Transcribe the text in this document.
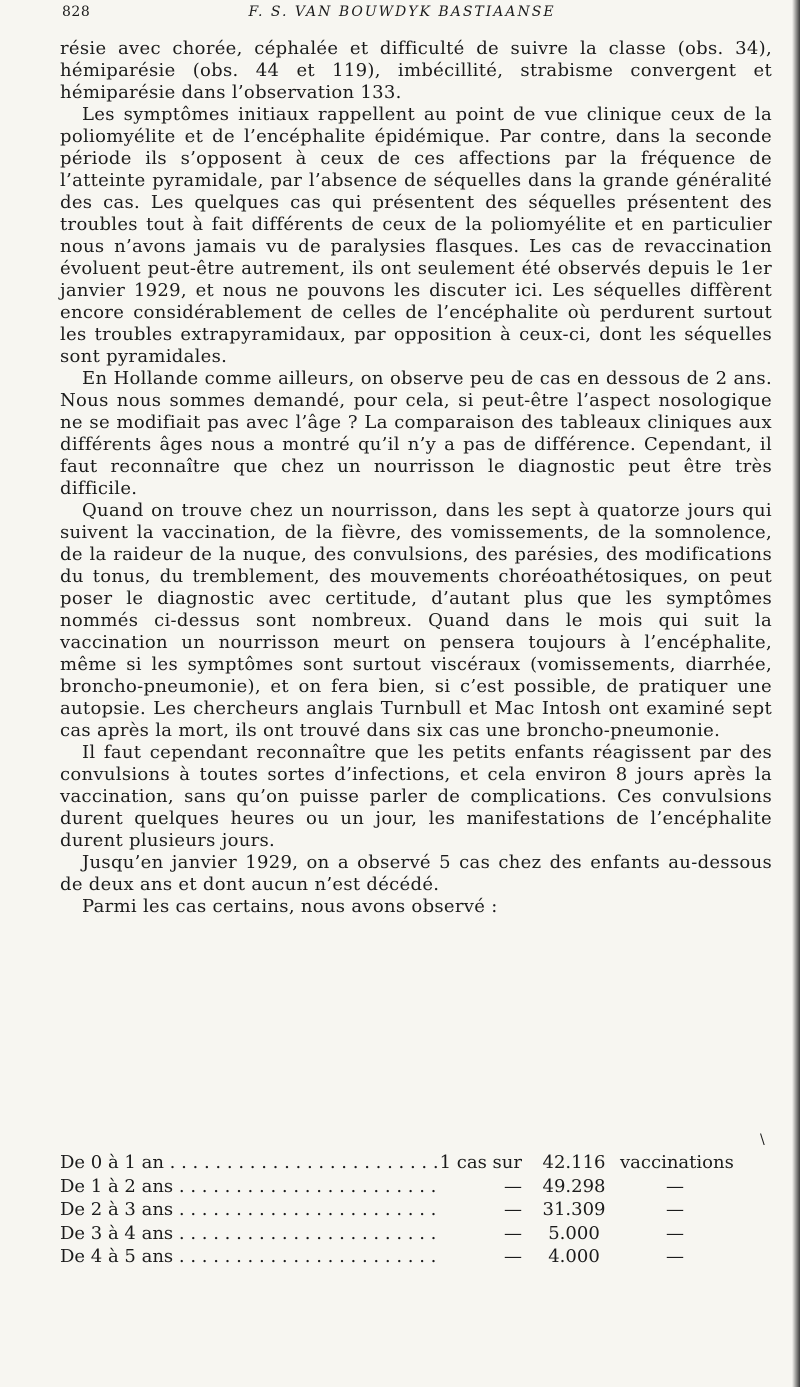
828	F. S. VAN BOUWDYK BASTIAANSE

résie avec chorée, céphalée et difficulté de suivre la classe (obs. 34), hémiparésie (obs. 44 et 119), imbécillité, strabisme convergent et hémiparésie dans l’observation 133.

Les symptômes initiaux rappellent au point de vue clinique ceux de la poliomyélite et de l’encéphalite épidémique. Par contre, dans la seconde période ils s’opposent à ceux de ces affections par la fréquence de l’atteinte pyramidale, par l’absence de séquelles dans la grande généralité des cas. Les quelques cas qui présentent des séquelles présentent des troubles tout à fait différents de ceux de la poliomyélite et en particulier nous n’avons jamais vu de paralysies flasques. Les cas de revaccination évoluent peut-être autrement, ils ont seulement été observés depuis le 1er janvier 1929, et nous ne pouvons les discuter ici. Les séquelles diffèrent encore considérablement de celles de l’encéphalite où perdurent surtout les troubles extrapyramidaux, par opposition à ceux-ci, dont les séquelles sont pyramidales.

En Hollande comme ailleurs, on observe peu de cas en dessous de 2 ans. Nous nous sommes demandé, pour cela, si peut-être l’aspect nosologique ne se modifiait pas avec l’âge ? La comparaison des tableaux cliniques aux différents âges nous a montré qu’il n’y a pas de différence. Cependant, il faut reconnaître que chez un nourrisson le diagnostic peut être très difficile.

Quand on trouve chez un nourrisson, dans les sept à quatorze jours qui suivent la vaccination, de la fièvre, des vomissements, de la somnolence, de la raideur de la nuque, des convulsions, des parésies, des modifications du tonus, du tremblement, des mouvements choréoathétosiques, on peut poser le diagnostic avec certitude, d’autant plus que les symptômes nommés ci-dessus sont nombreux. Quand dans le mois qui suit la vaccination un nourrisson meurt on pensera toujours à l’encéphalite, même si les symptômes sont surtout viscéraux (vomissements, diarrhée, broncho-pneumonie), et on fera bien, si c’est possible, de pratiquer une autopsie. Les chercheurs anglais Turnbull et Mac Intosh ont examiné sept cas après la mort, ils ont trouvé dans six cas une broncho-pneumonie.

Il faut cependant reconnaître que les petits enfants réagissent par des convulsions à toutes sortes d’infections, et cela environ 8 jours après la vaccination, sans qu’on puisse parler de complications. Ces convulsions durent quelques heures ou un jour, les manifestations de l’encéphalite durent plusieurs jours.

Jusqu’en janvier 1929, on a observé 5 cas chez des enfants au-dessous de deux ans et dont aucun n’est décédé.

Parmi les cas certains, nous avons observé :

\
De 0 à 1 an . . .	1 cas sur	42.116 vaccinations
De 1 à 2 ans . . .	—	49.298	—
De 2 à 3 ans . . .	—	31.309	—
De 3 à 4 ans . . .	—	5.000	—
De 4 à 5 ans . . .	—	4.000	—
